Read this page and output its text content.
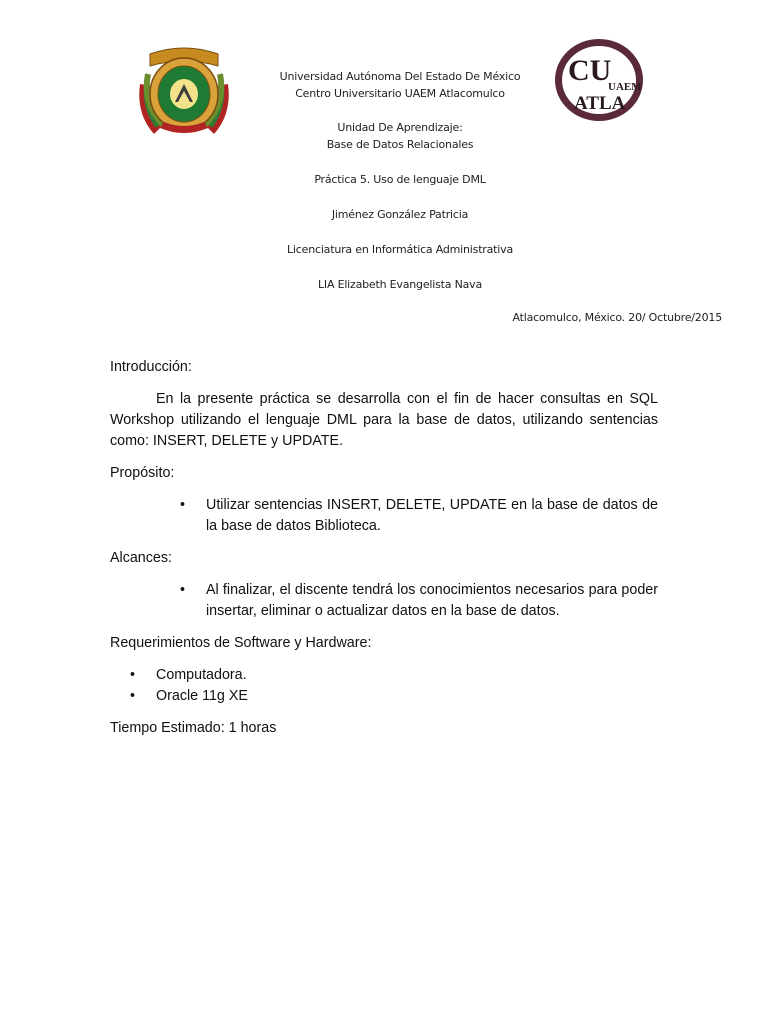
Universidad Autónoma Del Estado De México

Centro Universitario UAEM Atlacomulco

Unidad De Aprendizaje:

Base de Datos Relacionales

Práctica 5. Uso de lenguaje DML

Jiménez González Patricia

Licenciatura en Informática Administrativa

LIA Elizabeth Evangelista Nava

CU
UAEM
ATLA
Atlacomulco, México. 20/ Octubre/2015

Introducción:

En la presente práctica se desarrolla con el fin de hacer consultas en SQL Workshop utilizando el lenguaje DML para la base de datos, utilizando sentencias como: INSERT, DELETE y UPDATE.

Propósito:

• Utilizar sentencias INSERT, DELETE, UPDATE en la base de datos de la base de datos Biblioteca.

Alcances:

• Al finalizar, el discente tendrá los conocimientos necesarios para poder insertar, eliminar o actualizar datos en la base de datos.

Requerimientos de Software y Hardware:

• Computadora.
• Oracle 11g XE

Tiempo Estimado: 1 horas
